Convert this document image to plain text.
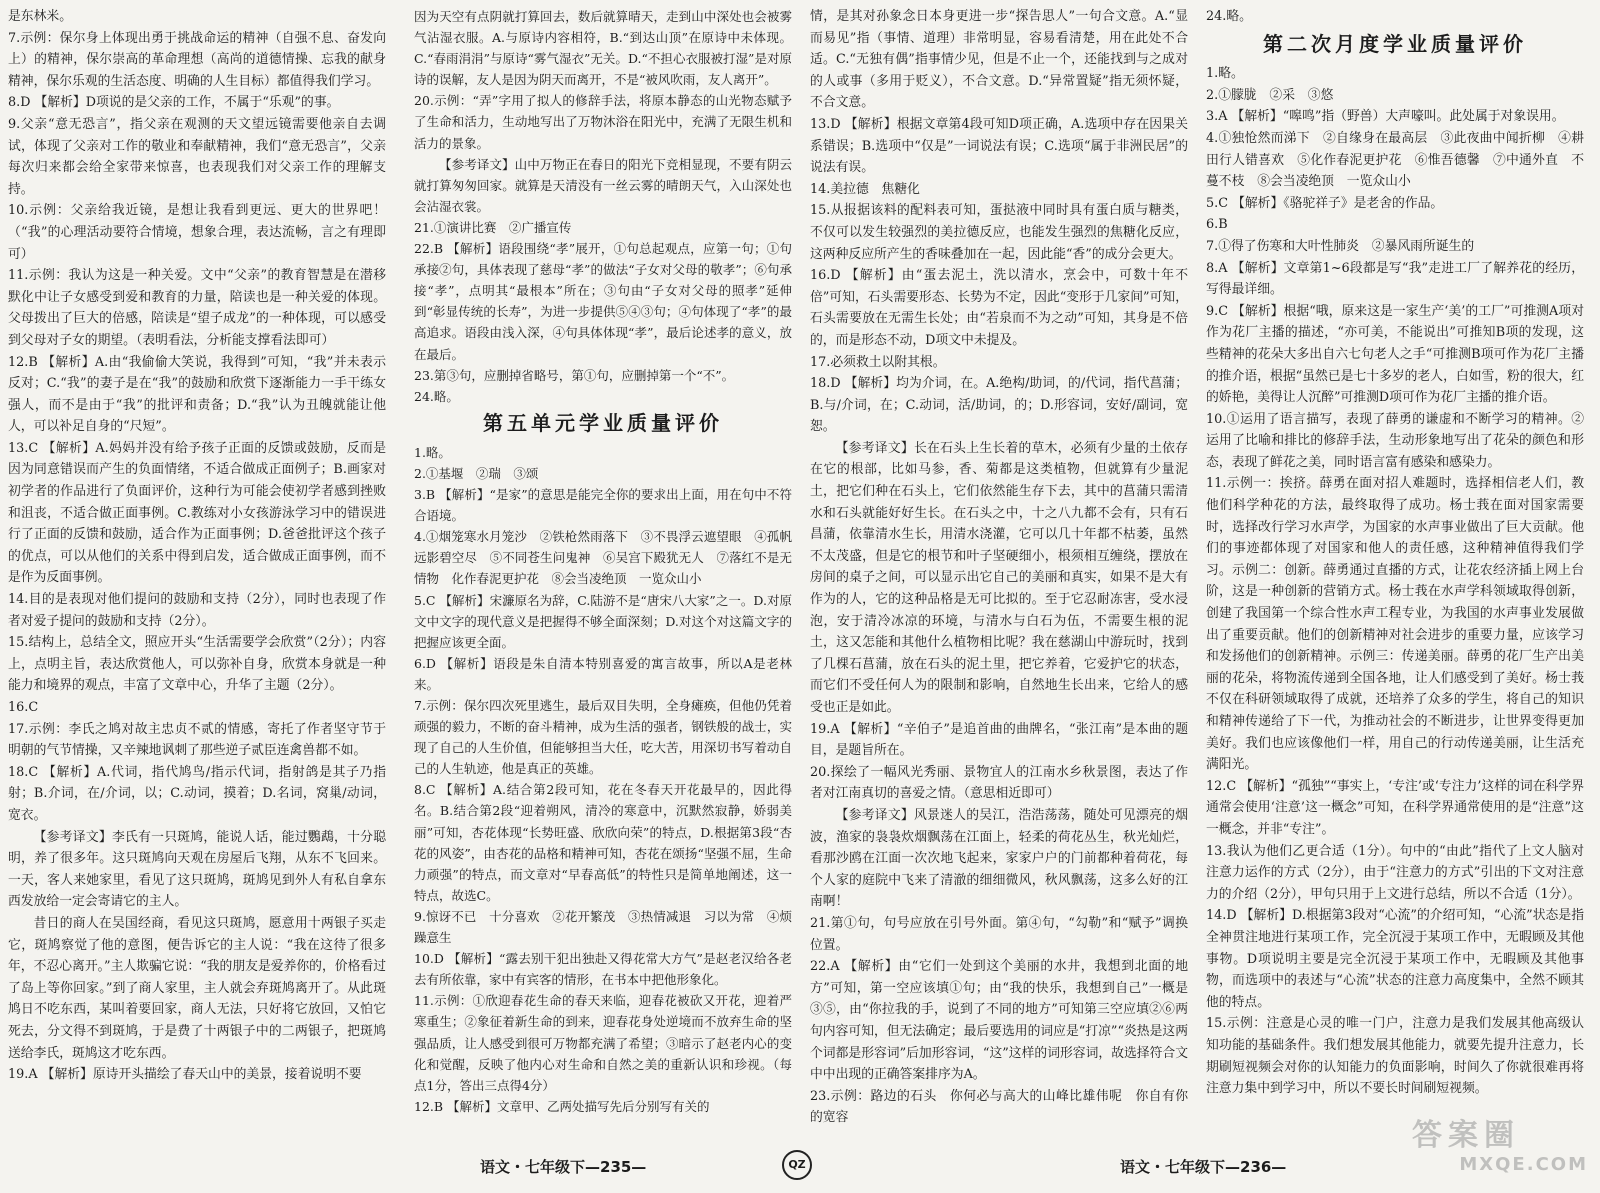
是东林米。

7.示例：保尔身上体现出勇于挑战命运的精神（自强不息、奋发向上）的精神，保尔崇高的革命理想（高尚的道德情操、忘我的献身精神，保尔乐观的生活态度、明确的人生目标）都值得我们学习。

8.D 【解析】D项说的是父亲的工作，不属于“乐观”的事。

9.父亲“意无恐言”，指父亲在观测的天文望远镜需要他亲自去调试，体现了父亲对工作的敬业和奉献精神，我们“意无恐言”，父亲每次归来都会给全家带来惊喜，也表现我们对父亲工作的理解支持。

10.示例：父亲给我近镜，是想让我看到更远、更大的世界吧！（“我”的心理活动要符合情境，想象合理，表达流畅，言之有理即可）

11.示例：我认为这是一种关爱。文中“父亲”的教育智慧是在潜移默化中让子女感受到爱和教育的力量，陪读也是一种关爱的体现。父母拨出了巨大的倍感，陪读是“望子成龙”的一种体现，可以感受到父母对子女的期望。（表明看法，分析能支撑看法即可）

12.B 【解析】A.由“我偷偷大笑说，我得到”可知，“我”并未表示反对；C.“我”的妻子是在“我”的鼓励和欣赏下逐渐能力一手干练女强人，而不是由于“我”的批评和责备；D.“我”认为丑魄就能让他人，可以补足自身的“尺短”。

13.C 【解析】A.妈妈并没有给予孩子正面的反馈或鼓励，反而是因为同意错误而产生的负面情绪，不适合做成正面例子；B.画家对初学者的作品进行了负面评价，这种行为可能会使初学者感到挫败和沮丧，不适合做正面事例。C.教练对小女孩游泳学习中的错误进行了正面的反馈和鼓励，适合作为正面事例；D.爸爸批评这个孩子的优点，可以从他们的关系中得到启发，适合做成正面事例，而不是作为反面事例。

14.目的是表现对他们提问的鼓励和支持（2分），同时也表现了作者对爱子提问的鼓励和支持（2分）。

15.结构上，总结全文，照应开头“生活需要学会欣赏”（2分）；内容上，点明主旨，表达欣赏他人，可以弥补自身，欣赏本身就是一种能力和境界的观点，丰富了文章中心，升华了主题（2分）。

16.C

17.示例：李氏之鸠对故主忠贞不贰的情感，寄托了作者坚守节于明朝的气节情操，又辛辣地讽刺了那些逆子贰臣连禽兽都不如。

18.C 【解析】A.代词，指代鸠鸟/指示代词，指射鸽是其子乃指射；B.介词，在/介词，以；C.动词，摸着；D.名词，窝巢/动词，宽衣。

【参考译文】李氏有一只斑鸠，能说人话，能过鸚鵡，十分聪明，养了很多年。这只斑鸠向天观在房屋后飞翔，从东不飞回来。一天，客人来她家里，看见了这只斑鸠，斑鸠见到外人有私自拿东西发放给一定会寄请它的主人。

昔日的商人在吴国经商，看见这只斑鸠，愿意用十两银子买走它，斑鸠察觉了他的意图，便告诉它的主人说：“我在这待了很多年，不忍心离开。”主人欺骗它说：“我的朋友是爱养你的，价格看过了岛上等你回家。”到了商人家里，主人就会弃斑鸠离开了。从此斑鸠日不吃东西，某叫着要回家，商人无法，只好将它放回，又怕它死去，分文得不到斑鸠，于是费了十两银子中的二两银子，把斑鸠送给李氏，斑鸠这才吃东西。

19.A 【解析】原诗开头描绘了春天山中的美景，接着说明不要

因为天空有点阴就打算回去，数后就算晴天，走到山中深处也会被雾气沾湿衣服。A.与原诗内容相符，B.“到达山顶”在原诗中未体现。C.“春雨涓涓”与原诗“雾气湿衣”无关。D.“不担心衣服被打湿”是对原诗的误解，友人是因为阴天而离开，不是“被风吹雨，友人离开”。

20.示例：“弄”字用了拟人的修辞手法，将原本静态的山光物态赋予了生命和活力，生动地写出了万物沐浴在阳光中，充满了无限生机和活力的景象。

【参考译文】山中万物正在春日的阳光下竞相显现，不要有阴云就打算匆匆回家。就算是天清没有一丝云雾的晴朗天气，入山深处也会沾湿衣裳。

21.①演讲比赛　②广播宣传

22.B 【解析】语段围绕“孝”展开，①句总起观点，应第一句；①句承接②句，具体表现了慈母“孝”的做法“子女对父母的敬孝”；⑥句承接“孝”，点明其“最根本”所在；③句由“子女对父母的照孝”延伸到“彰显传统的长寿”，为进一步提供⑤④③句；④句体现了“孝”的最高追求。语段由浅入深，④句具体体现“孝”，最后论述孝的意义，放在最后。

23.第③句，应删掉省略号，第①句，应删掉第一个“不”。

24.略。

第五单元学业质量评价

1.略。

2.①基堰　②瑞　③颂

3.B 【解析】“是家”的意思是能完全你的要求出上面，用在句中不符合语境。

4.①烟笼寒水月笼沙　②铁枪然雨落下　③不畏浮云遮望眼　④孤帆远影碧空尽　⑤不同苍生问鬼神　⑥吴宫下殿犹无人　⑦落红不是无情物　化作春泥更护花　⑧会当凌绝顶　一览众山小

5.C 【解析】宋濂原名为辞，C.陆游不是“唐宋八大家”之一。D.对原文中文字的现代意义是把握得不够全面深刻；D.对这个对这篇文字的把握应该更全面。

6.D 【解析】语段是朱自清本特别喜爱的寓言故事，所以A是老林来。

7.示例：保尔四次死里逃生，最后双目失明，全身瘫痪，但他仍凭着顽强的毅力，不断的奋斗精神，成为生活的强者，钢铁般的战士，实现了自己的人生价值，但能够担当大任，吃大苦，用深切书写着动自己的人生轨迹，他是真正的英雄。

8.C 【解析】A.结合第2段可知，花在冬春天开花最早的，因此得名。B.结合第2段“迎着朔风，清冷的寒意中，沉默然寂静，娇弱美丽”可知，杏花体现“长势旺盛、欣欣向荣”的特点，D.根据第3段“杏花的风姿”，由杏花的品格和精神可知，杏花在颂扬“坚强不屈，生命力顽强”的特点，而文章对“早春高低”的特性只是简单地阐述，这一特点，故选C。

9.惊讶不已　十分喜欢　②花开繁茂　③热情减退　习以为常　④烦躁意生

10.D 【解析】“露去别干犯出独赴又得花常大方气”是赵老汉给各老去有所依靠，家中有宾客的情形，在书本中把他形象化。

11.示例：①欣迎春花生命的春天来临，迎春花被砍又开花，迎着严寒重生；②象征着新生命的到来，迎春花身处逆境而不放弃生命的坚强品质，让人感受到很可万物都充满了希望；③暗示了赵老内心的变化和觉醒，反映了他内心对生命和自然之美的重新认识和珍视。（每点1分，答出三点得4分）

12.B 【解析】文章甲、乙两处描写先后分别写有关的

情，是其对孙象念日本身更进一步“探告思人”一句合文意。A.“显而易见”指（事情、道理）非常明显，容易看清楚，用在此处不合适。C.“无独有偶”指事情少见，但是不止一个，还能找到与之成对的人或事（多用于贬义），不合文意。D.“异常置疑”指无须怀疑，不合文意。

13.D 【解析】根据文章第4段可知D项正确，A.选项中存在因果关系错误；B.选项中“仅是”一词说法有误；C.选项“属于非洲民居”的说法有误。

14.美拉德　焦糖化

15.从报据该料的配料表可知，蛋挞液中同时具有蛋白质与糖类，不仅可以发生较强烈的美拉德反应，也能发生强烈的焦糖化反应，这两种反应所产生的香味叠加在一起，因此能“香”的成分会更大。

16.D 【解析】由“蛋去泥土，洗以清水，烹会中，可数十年不倍”可知，石头需要形态、长势为不定，因此“变形于几家间”可知，石头需要放在无需生长处；由“若泉而不为之动”可知，其身是不倍的，而是形态不动，D项文中未提及。

17.必须救土以附其根。

18.D 【解析】均为介词，在。A.绝构/助词，的/代词，指代菖蒲；B.与/介词，在；C.动词，活/助词，的；D.形容词，安好/副词，宽恕。

【参考译文】长在石头上生长着的草木，必须有少量的土依存在它的根部，比如马参，香、菊都是这类植物，但就算有少量泥土，把它们种在石头上，它们依然能生存下去，其中的菖蒲只需清水和石头就能好好生长。在石头之中，十之八九都不会有，只有石昌蒲，依靠清水生长，用清水浇灌，它可以几十年都不枯萎，虽然不太茂盛，但是它的根节和叶子坚硬细小，根须相互缠绕，摆放在房间的桌子之间，可以显示出它自己的美丽和真实，如果不是大有作为的人，它的这种品格是无可比拟的。至于它忍耐冻害，受水浸泡，安于清冷冰凉的环境，与清水与白石为伍，不需要生根的泥土，这又怎能和其他什么植物相比呢？我在慈湖山中游玩时，找到了几棵石菖蒲，放在石头的泥土里，把它养着，它爱护它的状态，而它们不受任何人为的限制和影响，自然地生长出来，它给人的感受也正是如此。

19.A 【解析】“辛伯子”是追首曲的曲牌名，“张江南”是本曲的题目，是题旨所在。

20.探绘了一幅风光秀丽、景物宜人的江南水乡秋景图，表达了作者对江南真切的喜爱之情。（意思相近即可）

【参考译文】风景迷人的吴江，浩浩荡荡，随处可见漂亮的烟波，渔家的袅袅炊烟飘荡在江面上，轻柔的荷花丛生，秋光灿烂，看那沙鸥在江面一次次地飞起来，家家户户的门前都种着荷花，每个人家的庭院中飞来了清澈的细细微风，秋风飘荡，这多么好的江南啊！

21.第①句，句号应放在引号外面。第④句，“勾勒”和“赋予”调换位置。

22.A 【解析】由“它们一处到这个美丽的水井，我想到北面的地方”可知，第一空应该填①句；由“我的快乐，我想到自己”一概是③⑤，由“你拉我的手，说到了不同的地方”可知第三空应填②⑥两句内容可知，但无法确定；最后要选用的词应是“打凉”“炎热是这两个词都是形容词”后加形容词，“这”这样的词形容词，故选择符合文中中出现的正确答案排序为A。

23.示例：路边的石头　你何必与高大的山峰比雄伟呢　你自有你的宽容

24.略。

第二次月度学业质量评价

1.略。

2.①朦胧　②采　③悠

3.A 【解析】“嗥鸣”指（野兽）大声嚎叫。此处属于对象误用。

4.①独怆然而涕下　②自缘身在最高层　③此夜曲中闻折柳　④耕田行人错喜欢　⑤化作春泥更护花　⑥惟吾德馨　⑦中通外直　不蔓不枝　⑧会当凌绝顶　一览众山小

5.C 【解析】《骆驼祥子》是老舍的作品。

6.B

7.①得了伤寒和大叶性肺炎　②暴风雨所诞生的

8.A 【解析】文章第1~6段都是写“我”走进工厂了解养花的经历，写得最详细。

9.C 【解析】根据“哦，原来这是一家生产‘美’的工厂”可推测A项对作为花厂主播的描述，“亦可美，不能说出”可推知B项的发现，这些精神的花朵大多出自六七句老人之手“可推测B项可作为花厂主播的推介语，根据“虽然已是七十多岁的老人，白如雪，粉的很大，红的娇艳，美得让人沉醉”可推测D项可作为花厂主播的推介语。

10.①运用了语言描写，表现了薛勇的谦虚和不断学习的精神。②运用了比喻和排比的修辞手法，生动形象地写出了花朵的颜色和形态，表现了鲜花之美，同时语言富有感染和感染力。

11.示例一：挨挤。薛勇在面对招人难题时，选择相信老人们，教他们科学种花的方法，最终取得了成功。杨士莪在面对国家需要时，选择改行学习水声学，为国家的水声事业做出了巨大贡献。他们的事迹都体现了对国家和他人的责任感，这种精神值得我们学习。示例二：创新。薛勇通过直播的方式，让花农经济插上网上台阶，这是一种创新的营销方式。杨士莪在水声学科领域取得创新，创建了我国第一个综合性水声工程专业，为我国的水声事业发展做出了重要贡献。他们的创新精神对社会进步的重要力量，应该学习和发扬他们的创新精神。示例三：传递美丽。薛勇的花厂生产出美丽的花朵，将物流传递到全国各地，让人们感受到了美好。杨士莪不仅在科研领域取得了成就，还培养了众多的学生，将自己的知识和精神传递给了下一代，为推动社会的不断进步，让世界变得更加美好。我们也应该像他们一样，用自己的行动传递美丽，让生活充满阳光。

12.C 【解析】“孤独”“事实上，‘专注’或‘专注力’这样的词在科学界通常会使用‘注意’这一概念”可知，在科学界通常使用的是“注意”这一概念，并非“专注”。

13.我认为他们乙更合适（1分）。句中的“由此”指代了上文人脑对注意力运作的方式（2分），由于“注意力的方式”引出的下文对注意力的介绍（2分），甲句只用于上文进行总结，所以不合适（1分）。

14.D 【解析】D.根据第3段对“心流”的介绍可知，“心流”状态是指全神贯注地进行某项工作，完全沉浸于某项工作中，无暇顾及其他事物。D项说明主要是完全沉浸于某项工作中，无暇顾及其他事物，而选项中的表述与“心流”状态的注意力高度集中，全然不顾其他的特点。

15.示例：注意是心灵的唯一门户，注意力是我们发展其他高级认知功能的基础条件。我们想发展其他能力，就要先提升注意力，长期刷短视频会对你的认知能力的负面影响，时间久了你就很难再将注意力集中到学习中，所以不要长时间刷短视频。

语文・七年级下—235—	QZ	语文・七年级下—236—
答案圈
MXQE.COM
